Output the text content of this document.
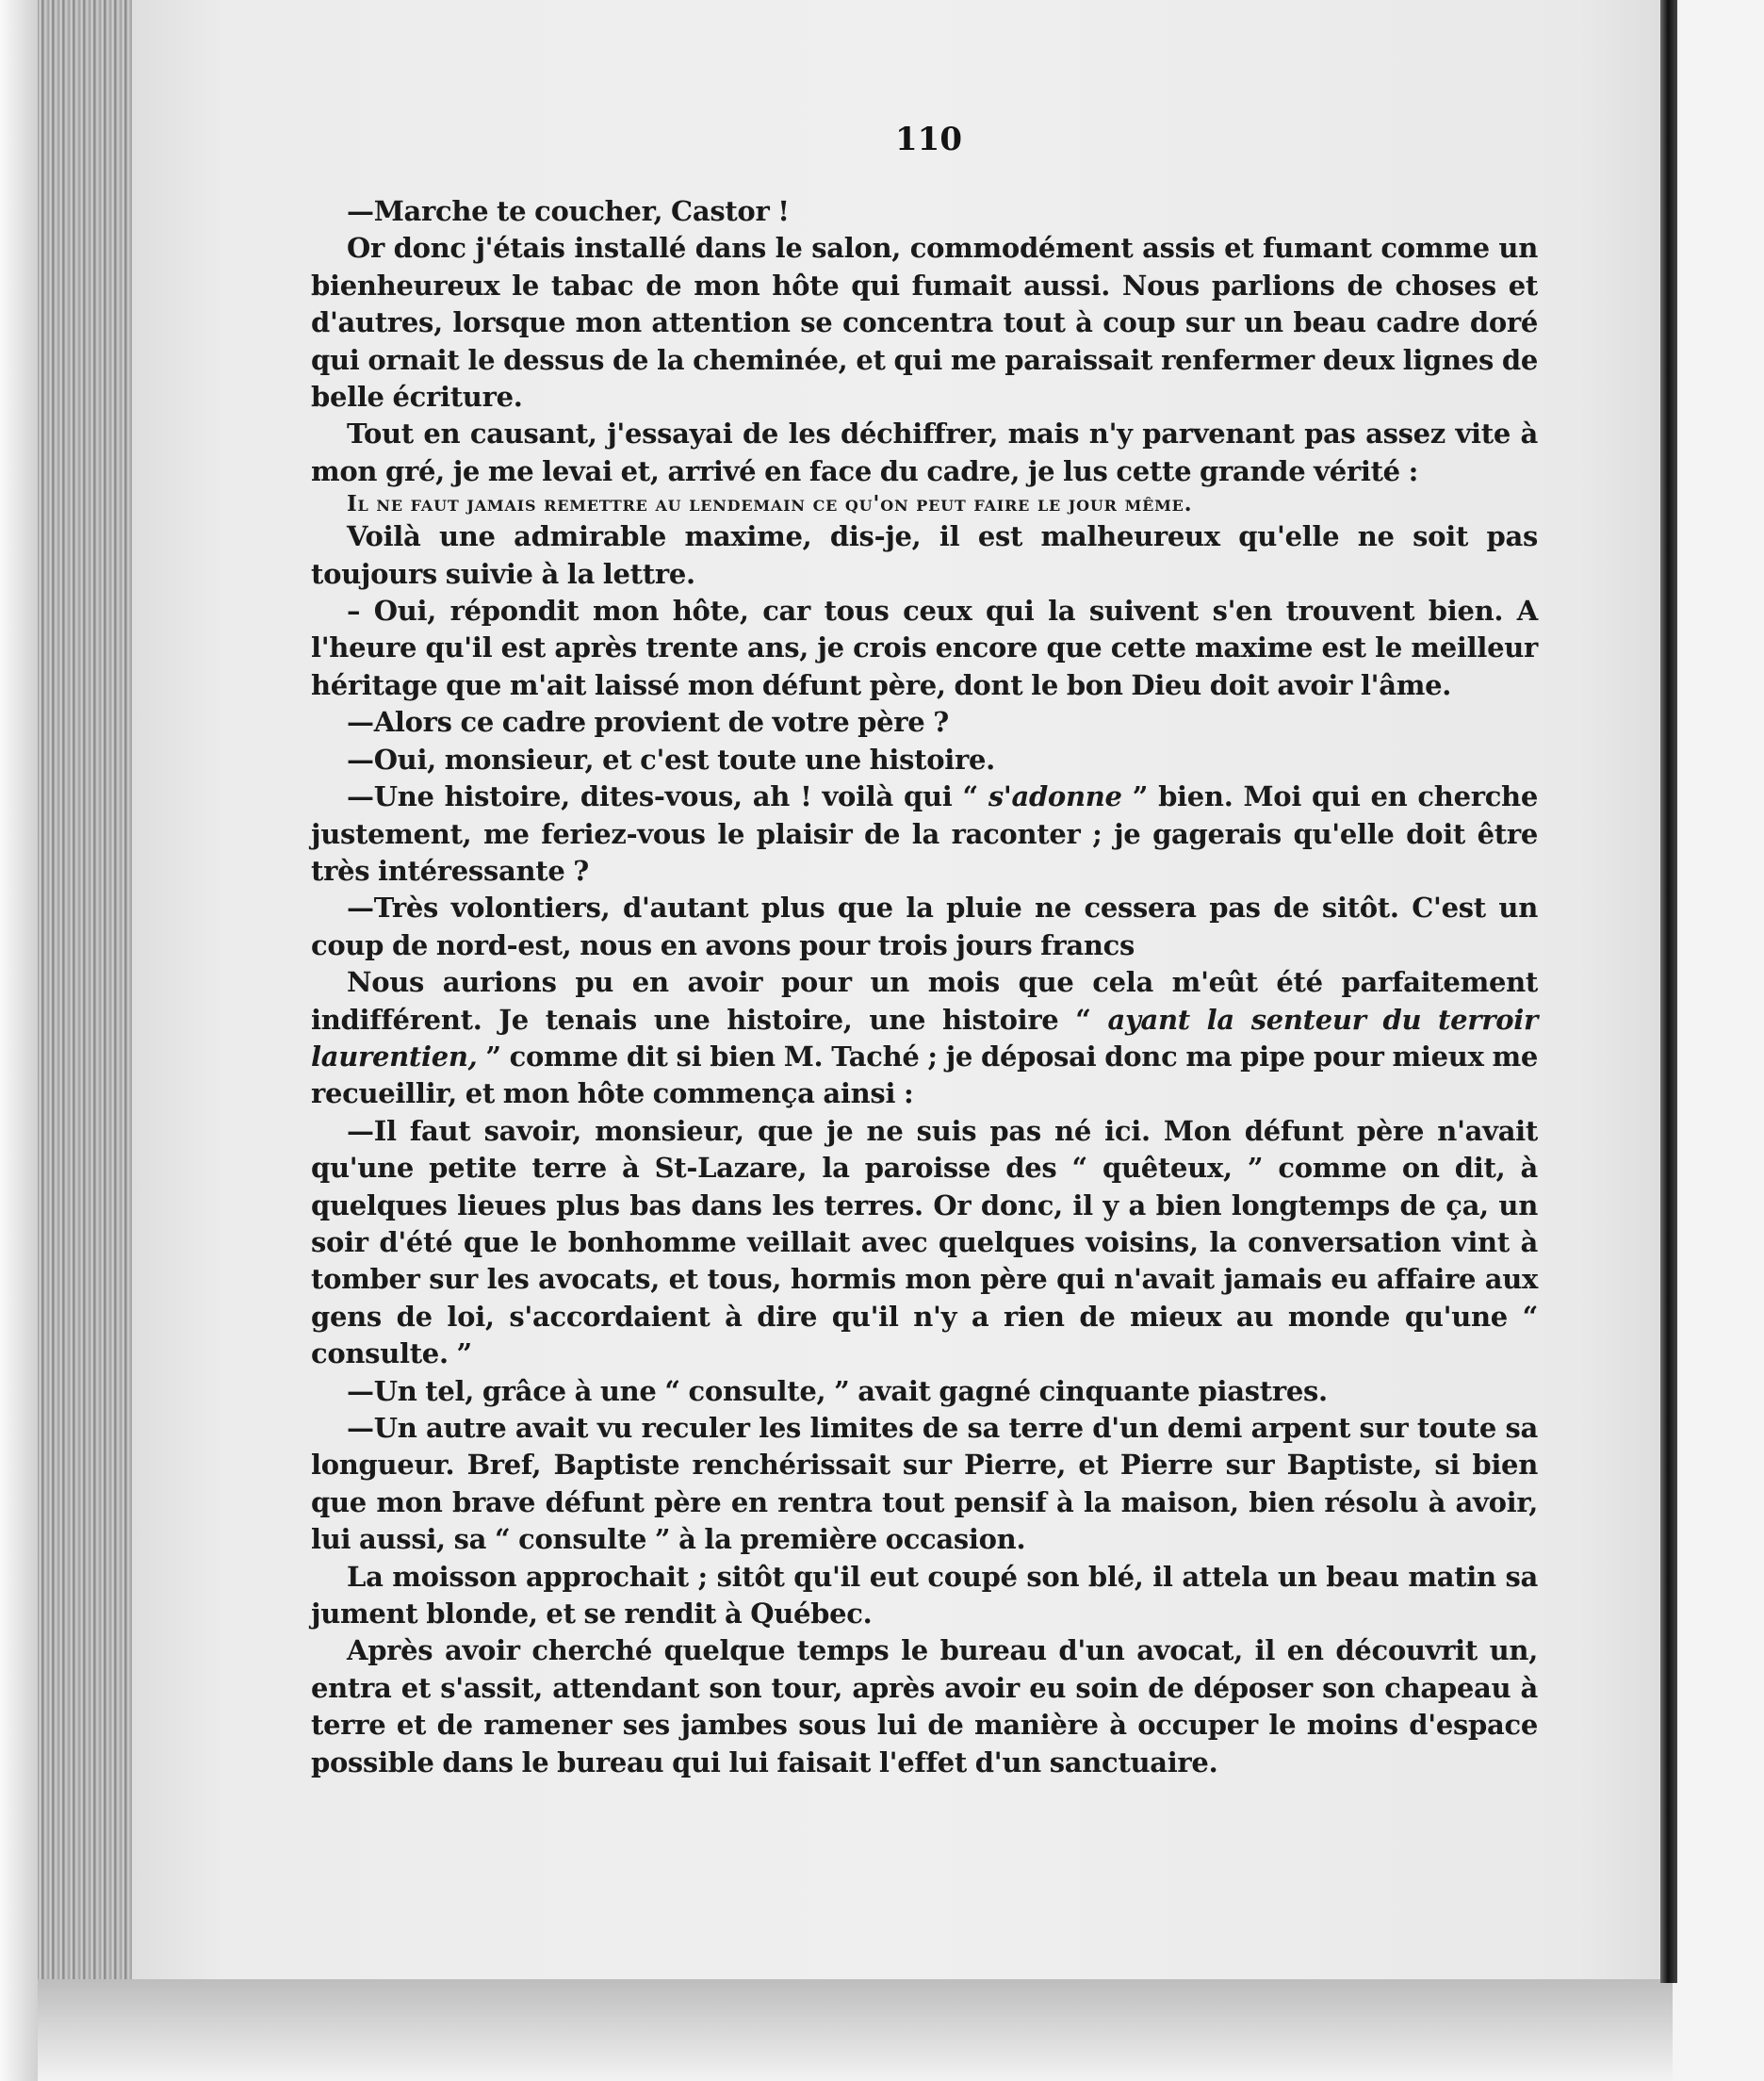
110

—Marche te coucher, Castor !

Or donc j'étais installé dans le salon, commodément assis et fumant comme un bienheureux le tabac de mon hôte qui fumait aussi. Nous parlions de choses et d'autres, lorsque mon attention se concentra tout à coup sur un beau cadre doré qui ornait le dessus de la cheminée, et qui me paraissait renfermer deux lignes de belle écriture.

Tout en causant, j'essayai de les déchiffrer, mais n'y parvenant pas assez vite à mon gré, je me levai et, arrivé en face du cadre, je lus cette grande vérité :

Il ne faut jamais remettre au lendemain ce qu'on peut faire le jour même.

Voilà une admirable maxime, dis-je, il est malheureux qu'elle ne soit pas toujours suivie à la lettre.

– Oui, répondit mon hôte, car tous ceux qui la suivent s'en trouvent bien. A l'heure qu'il est après trente ans, je crois encore que cette maxime est le meilleur héritage que m'ait laissé mon défunt père, dont le bon Dieu doit avoir l'âme.

—Alors ce cadre provient de votre père ?

—Oui, monsieur, et c'est toute une histoire.

—Une histoire, dites-vous, ah ! voilà qui “ s'adonne ” bien. Moi qui en cherche justement, me feriez-vous le plaisir de la raconter ; je gagerais qu'elle doit être très intéressante ?

—Très volontiers, d'autant plus que la pluie ne cessera pas de sitôt. C'est un coup de nord-est, nous en avons pour trois jours francs

Nous aurions pu en avoir pour un mois que cela m'eût été parfaitement indifférent. Je tenais une histoire, une histoire “ ayant la senteur du terroir laurentien, ” comme dit si bien M. Taché ; je déposai donc ma pipe pour mieux me recueillir, et mon hôte commença ainsi :

—Il faut savoir, monsieur, que je ne suis pas né ici. Mon défunt père n'avait qu'une petite terre à St-Lazare, la paroisse des “ quêteux, ” comme on dit, à quelques lieues plus bas dans les terres. Or donc, il y a bien longtemps de ça, un soir d'été que le bonhomme veillait avec quelques voisins, la conversation vint à tomber sur les avocats, et tous, hormis mon père qui n'avait jamais eu affaire aux gens de loi, s'accordaient à dire qu'il n'y a rien de mieux au monde qu'une “ consulte. ”

—Un tel, grâce à une “ consulte, ” avait gagné cinquante piastres.

—Un autre avait vu reculer les limites de sa terre d'un demi arpent sur toute sa longueur. Bref, Baptiste renchérissait sur Pierre, et Pierre sur Baptiste, si bien que mon brave défunt père en rentra tout pensif à la maison, bien résolu à avoir, lui aussi, sa “ consulte ” à la première occasion.

La moisson approchait ; sitôt qu'il eut coupé son blé, il attela un beau matin sa jument blonde, et se rendit à Québec.

Après avoir cherché quelque temps le bureau d'un avocat, il en découvrit un, entra et s'assit, attendant son tour, après avoir eu soin de déposer son chapeau à terre et de ramener ses jambes sous lui de manière à occuper le moins d'espace possible dans le bureau qui lui faisait l'effet d'un sanctuaire.
